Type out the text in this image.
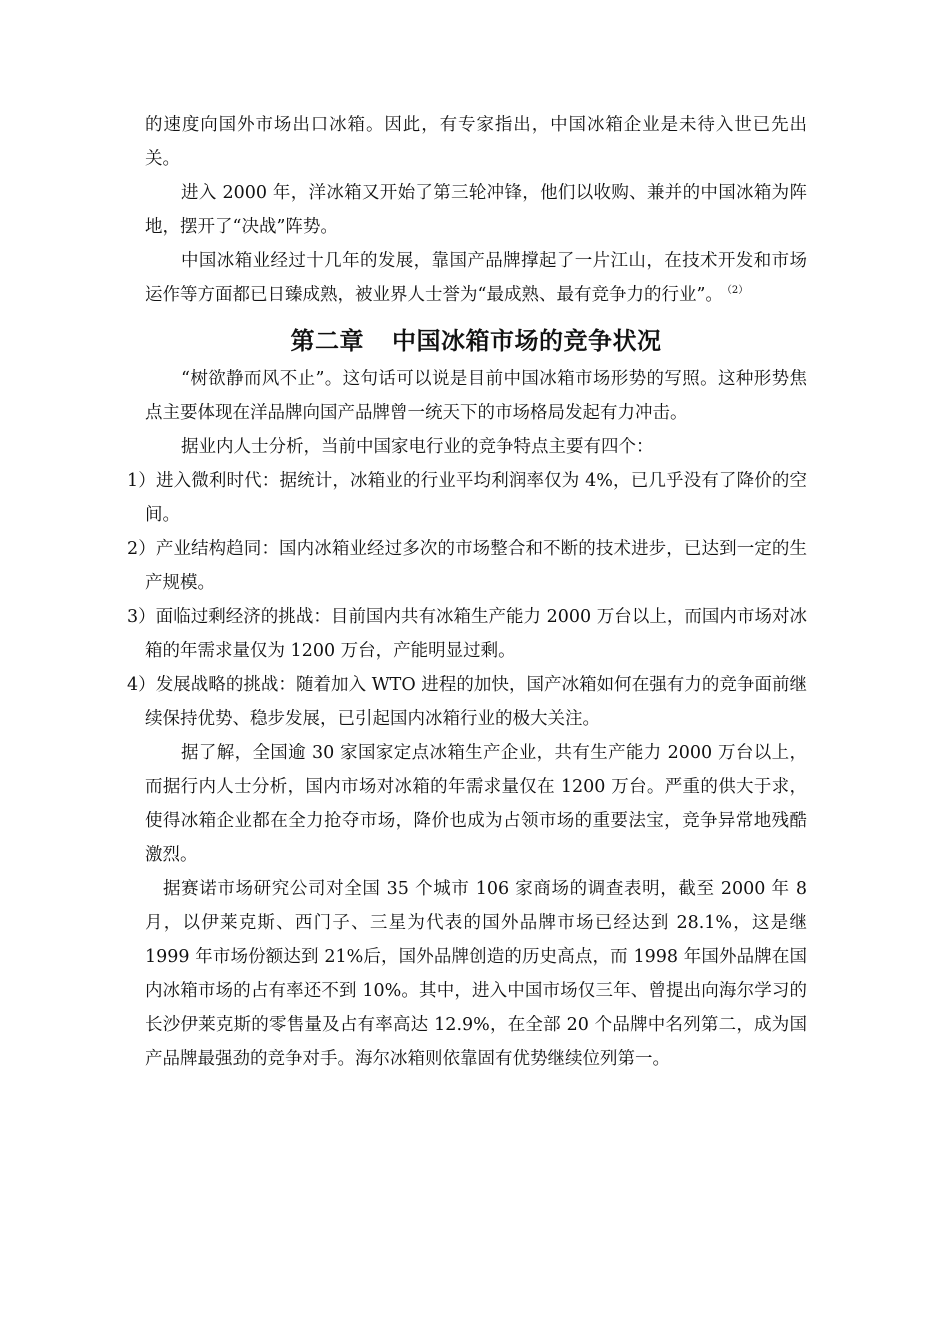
的速度向国外市场出口冰箱。因此，有专家指出，中国冰箱企业是未待入世已先出关。

进入 2000 年，洋冰箱又开始了第三轮冲锋，他们以收购、兼并的中国冰箱为阵地，摆开了“决战”阵势。

中国冰箱业经过十几年的发展，靠国产品牌撑起了一片江山，在技术开发和市场运作等方面都已日臻成熟，被业界人士誉为“最成熟、最有竞争力的行业”。 $^{(2)}$

第二章 中国冰箱市场的竞争状况

“树欲静而风不止”。这句话可以说是目前中国冰箱市场形势的写照。这种形势焦点主要体现在洋品牌向国产品牌曾一统天下的市场格局发起有力冲击。

据业内人士分析，当前中国家电行业的竞争特点主要有四个：

1）进入微利时代：据统计，冰箱业的行业平均利润率仅为 4%，已几乎没有了降价的空间。

2）产业结构趋同：国内冰箱业经过多次的市场整合和不断的技术进步，已达到一定的生产规模。

3）面临过剩经济的挑战：目前国内共有冰箱生产能力 2000 万台以上，而国内市场对冰箱的年需求量仅为 1200 万台，产能明显过剩。

4）发展战略的挑战：随着加入 WTO 进程的加快，国产冰箱如何在强有力的竞争面前继续保持优势、稳步发展，已引起国内冰箱行业的极大关注。

据了解，全国逾 30 家国家定点冰箱生产企业，共有生产能力 2000 万台以上，而据行内人士分析，国内市场对冰箱的年需求量仅在 1200 万台。严重的供大于求，使得冰箱企业都在全力抢夺市场，降价也成为占领市场的重要法宝，竞争异常地残酷激烈。

据赛诺市场研究公司对全国 35 个城市 106 家商场的调查表明，截至 2000 年 8 月，以伊莱克斯、西门子、三星为代表的国外品牌市场已经达到 28.1%，这是继 1999 年市场份额达到 21%后，国外品牌创造的历史高点，而 1998 年国外品牌在国内冰箱市场的占有率还不到 10%。其中，进入中国市场仅三年、曾提出向海尔学习的长沙伊莱克斯的零售量及占有率高达 12.9%，在全部 20 个品牌中名列第二，成为国产品牌最强劲的竞争对手。海尔冰箱则依靠固有优势继续位列第一。
